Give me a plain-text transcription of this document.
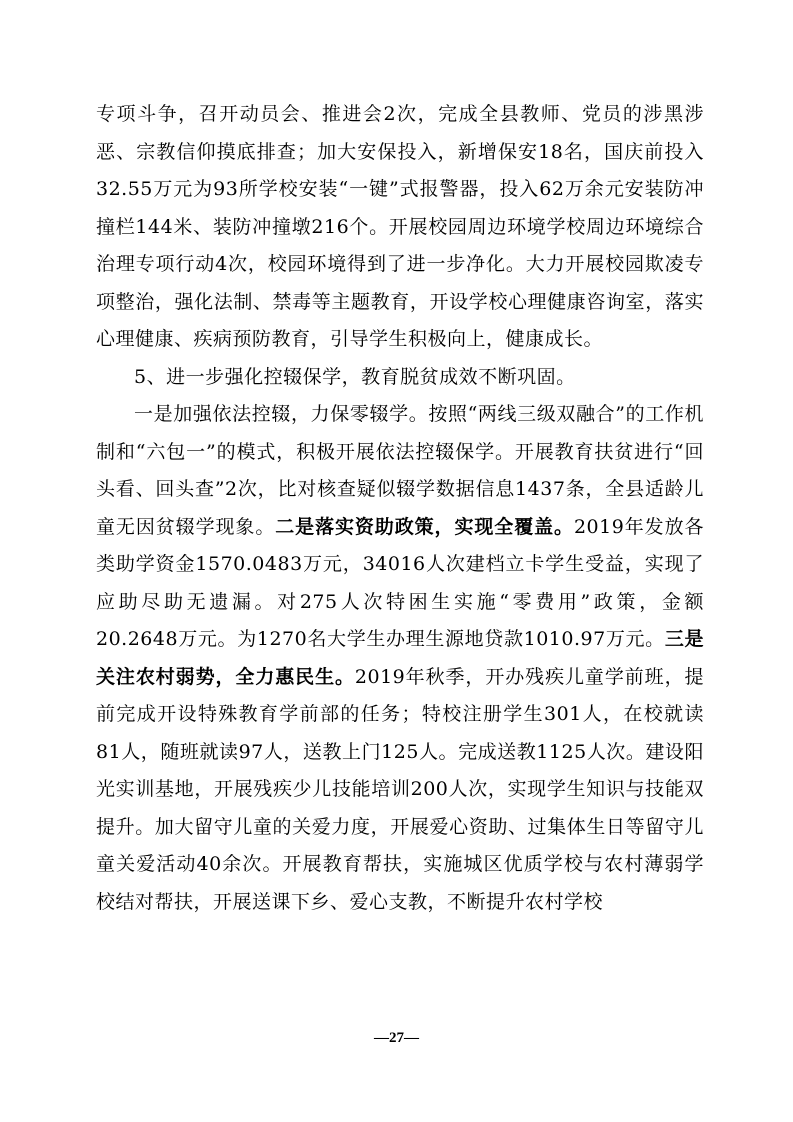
专项斗争，召开动员会、推进会2次，完成全县教师、党员的涉黑涉恶、宗教信仰摸底排查；加大安保投入，新增保安18名，国庆前投入32.55万元为93所学校安装“一键”式报警器，投入62万余元安装防冲撞栏144米、装防冲撞墩216个。开展校园周边环境学校周边环境综合治理专项行动4次，校园环境得到了进一步净化。大力开展校园欺凌专项整治，强化法制、禁毒等主题教育，开设学校心理健康咨询室，落实心理健康、疾病预防教育，引导学生积极向上，健康成长。

5、进一步强化控辍保学，教育脱贫成效不断巩固。

一是加强依法控辍，力保零辍学。按照“两线三级双融合”的工作机制和“六包一”的模式，积极开展依法控辍保学。开展教育扶贫进行“回头看、回头查”2次，比对核查疑似辍学数据信息1437条，全县适龄儿童无因贫辍学现象。二是落实资助政策，实现全覆盖。2019年发放各类助学资金1570.0483万元，34016人次建档立卡学生受益，实现了应助尽助无遗漏。对275人次特困生实施“零费用”政策，金额20.2648万元。为1270名大学生办理生源地贷款1010.97万元。三是关注农村弱势，全力惠民生。2019年秋季，开办残疾儿童学前班，提前完成开设特殊教育学前部的任务；特校注册学生301人，在校就读 81人，随班就读97人，送教上门125人。完成送教1125人次。建设阳光实训基地，开展残疾少儿技能培训200人次，实现学生知识与技能双提升。加大留守儿童的关爱力度，开展爱心资助、过集体生日等留守儿童关爱活动40余次。开展教育帮扶，实施城区优质学校与农村薄弱学校结对帮扶，开展送课下乡、爱心支教，不断提升农村学校

—27—
